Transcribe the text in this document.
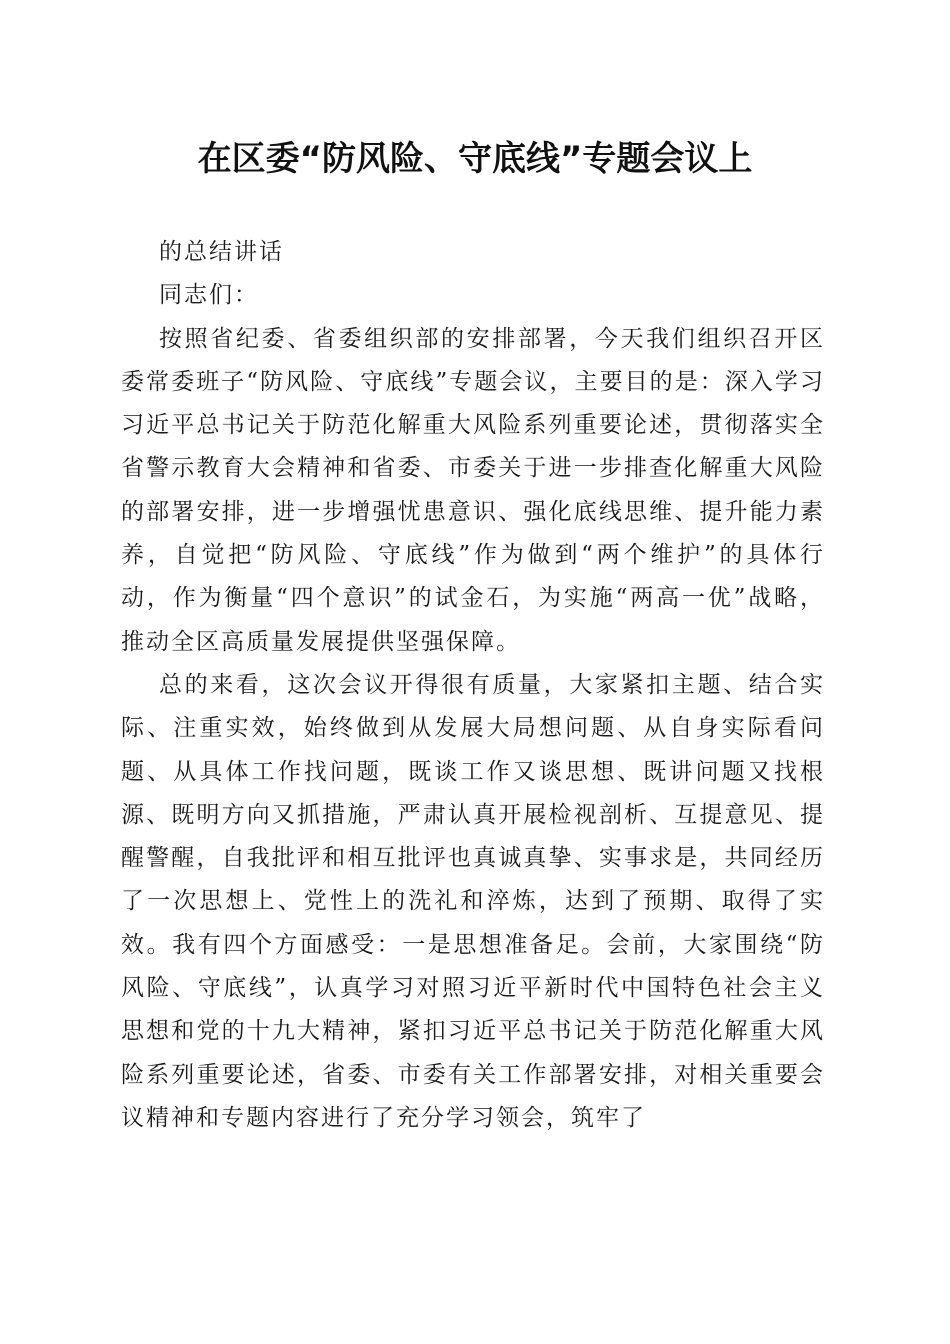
在区委“防风险、守底线”专题会议上

的总结讲话

同志们：

按照省纪委、省委组织部的安排部署，今天我们组织召开区委常委班子“防风险、守底线”专题会议，主要目的是：深入学习习近平总书记关于防范化解重大风险系列重要论述，贯彻落实全省警示教育大会精神和省委、市委关于进一步排查化解重大风险的部署安排，进一步增强忧患意识、强化底线思维、提升能力素养，自觉把“防风险、守底线”作为做到“两个维护”的具体行动，作为衡量“四个意识”的试金石，为实施“两高一优”战略，推动全区高质量发展提供坚强保障。

总的来看，这次会议开得很有质量，大家紧扣主题、结合实际、注重实效，始终做到从发展大局想问题、从自身实际看问题、从具体工作找问题，既谈工作又谈思想、既讲问题又找根源、既明方向又抓措施，严肃认真开展检视剖析、互提意见、提醒警醒，自我批评和相互批评也真诚真挚、实事求是，共同经历了一次思想上、党性上的洗礼和淬炼，达到了预期、取得了实效。我有四个方面感受：一是思想准备足。会前，大家围绕“防风险、守底线”，认真学习对照习近平新时代中国特色社会主义思想和党的十九大精神，紧扣习近平总书记关于防范化解重大风险系列重要论述，省委、市委有关工作部署安排，对相关重要会议精神和专题内容进行了充分学习领会，筑牢了
